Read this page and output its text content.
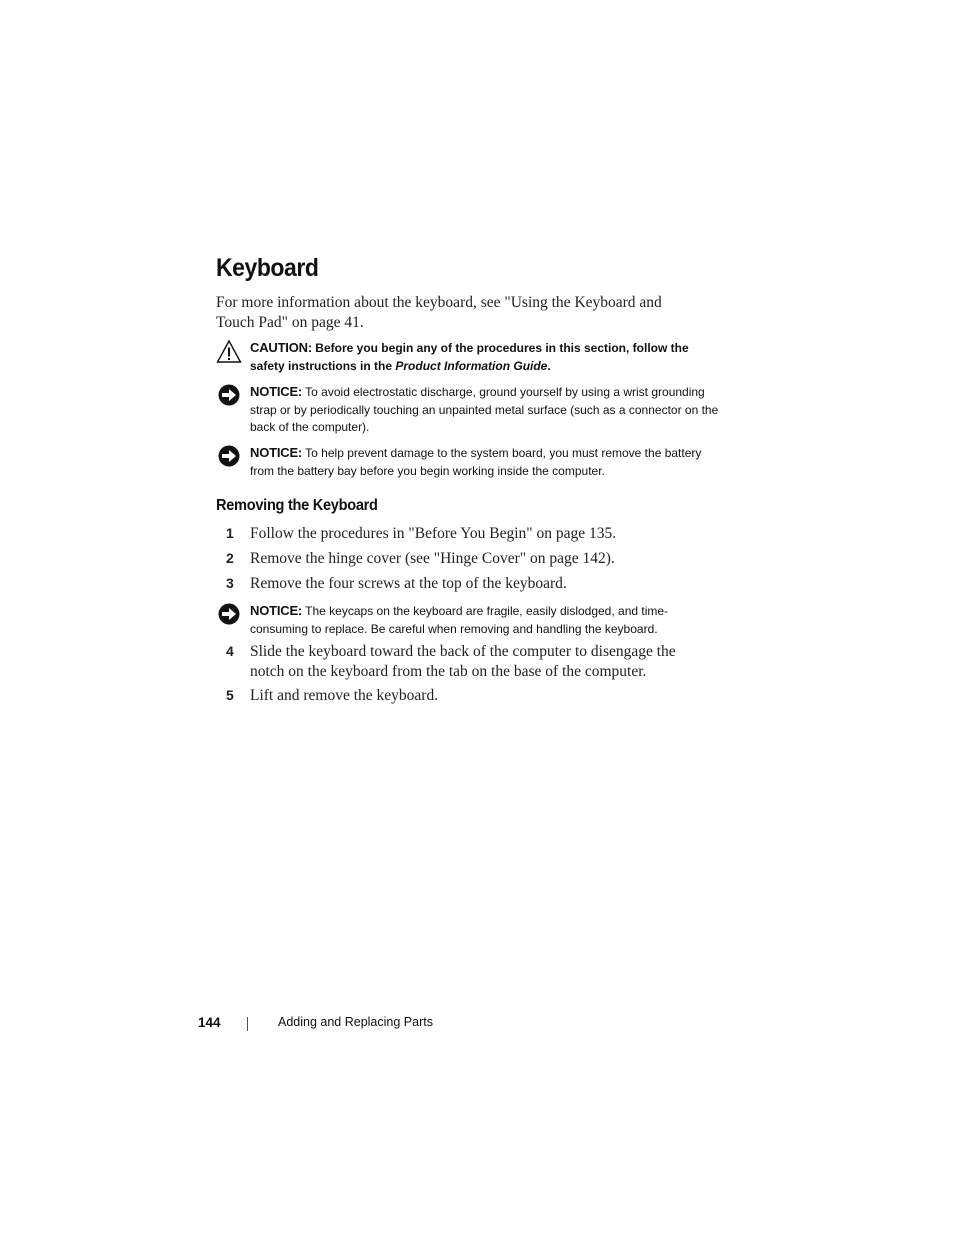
Keyboard

For more information about the keyboard, see "Using the Keyboard and Touch Pad" on page 41.

CAUTION: Before you begin any of the procedures in this section, follow the safety instructions in the Product Information Guide.
NOTICE: To avoid electrostatic discharge, ground yourself by using a wrist grounding strap or by periodically touching an unpainted metal surface (such as a connector on the back of the computer).
NOTICE: To help prevent damage to the system board, you must remove the battery from the battery bay before you begin working inside the computer.
Removing the Keyboard
1 Follow the procedures in "Before You Begin" on page 135.
2 Remove the hinge cover (see "Hinge Cover" on page 142).
3 Remove the four screws at the top of the keyboard.
NOTICE: The keycaps on the keyboard are fragile, easily dislodged, and time-consuming to replace. Be careful when removing and handling the keyboard.
4 Slide the keyboard toward the back of the computer to disengage the notch on the keyboard from the tab on the base of the computer.
5 Lift and remove the keyboard.
144	Adding and Replacing Parts
